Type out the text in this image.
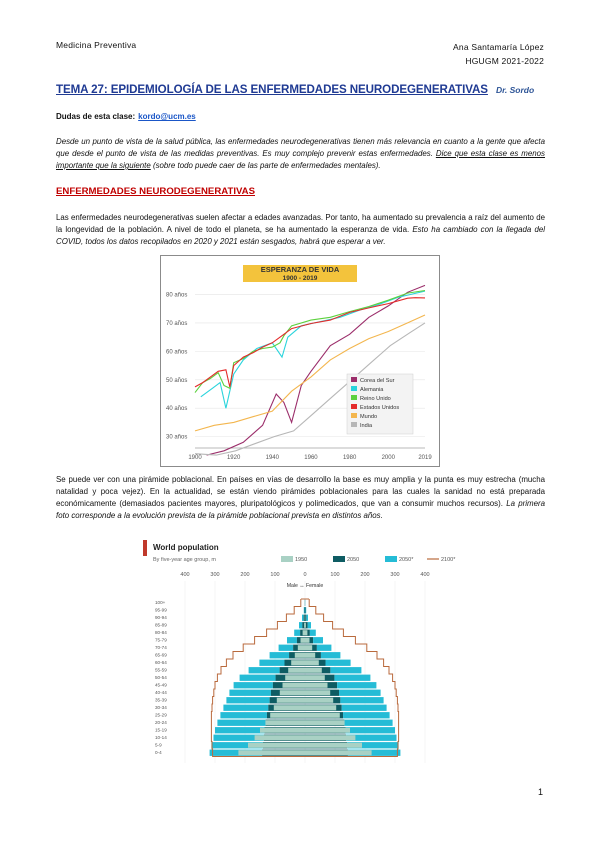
Medicina Preventiva	Ana Santamaría López
HGUGM 2021-2022
TEMA 27: EPIDEMIOLOGÍA DE LAS ENFERMEDADES NEURODEGENERATIVAS Dr. Sordo
Dudas de esta clase: kordo@ucm.es
Desde un punto de vista de la salud pública, las enfermedades neurodegenerativas tienen más relevancia en cuanto a la gente que afecta que desde el punto de vista de las medidas preventivas. Es muy complejo prevenir estas enfermedades. Dice que esta clase es menos importante que la siguiente (sobre todo puede caer de las parte de enfermedades mentales).
ENFERMEDADES NEURODEGENERATIVAS
Las enfermedades neurodegenerativas suelen afectar a edades avanzadas. Por tanto, ha aumentado su prevalencia a raíz del aumento de la longevidad de la población. A nivel de todo el planeta, se ha aumentado la esperanza de vida. Esto ha cambiado con la llegada del COVID, todos los datos recopilados en 2020 y 2021 están sesgados, habrá que esperar a ver.
ESPERANZA DE VIDA
1900 - 2019
30 años
40 años
50 años
60 años
70 años
80 años
1900	1920	1940	1960	1980	2000	2019
Corea del Sur
Alemania
Reino Unido
Estados Unidos
Mundo
India
Se puede ver con una pirámide poblacional. En países en vías de desarrollo la base es muy amplia y la punta es muy estrecha (mucha natalidad y poca vejez). En la actualidad, se están viendo pirámides poblacionales para las cuales la sanidad no está preparada económicamente (demasiados pacientes mayores, pluripatológicos y polimedicados, que van a consumir muchos recursos). La primera foto corresponde a la evolución prevista de la pirámide poblacional prevista en distintos años.
World population
By five-year age group, m	1950	2050	2050*	2100*
400	300	200	100	0	100	200	300	400
Male ↔ Female
100+
95-99
90-94
85-89
80-84
75-79
70-74
65-69
60-64
55-59
50-54
45-49
40-44
35-39
30-34
25-29
20-24
15-19
10-14
5-9
0-4
1
